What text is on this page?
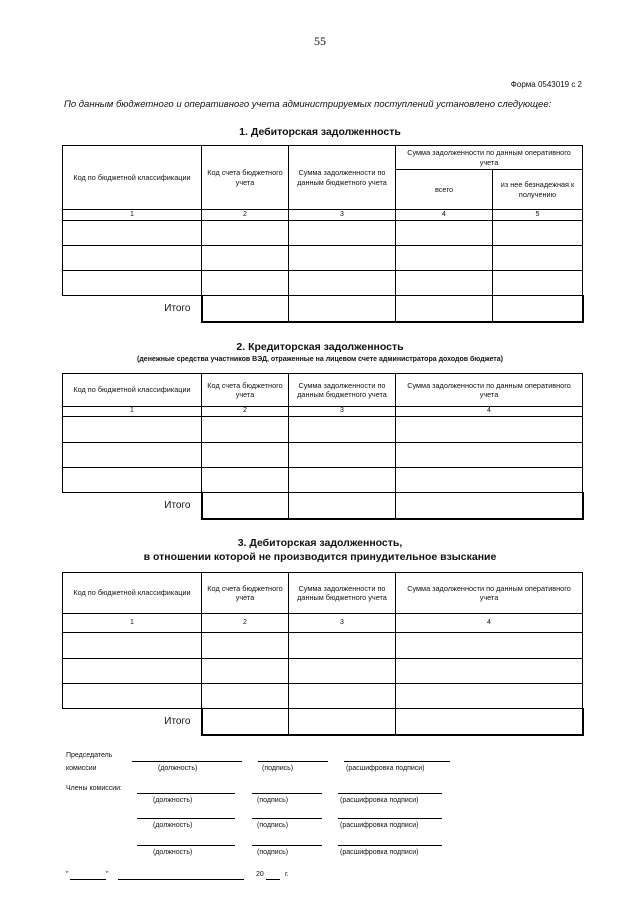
55
Форма 0543019 с 2
По данным бюджетного и оперативного учета администрируемых поступлений установлено следующее:
1. Дебиторская задолженность
Код по бюджетной классификации	Код счета бюджетного учета	Сумма задолженности по данным бюджетного учета	Сумма задолженности по данным оперативного учета	
			всего	из нее безнадежная к получению
1	2	3	4	5

Итого				
2. Кредиторская задолженность
(денежные средства участников ВЭД, отраженные на лицевом счете администратора доходов бюджета)
Код по бюджетной классификации	Код счета бюджетного учета	Сумма задолженности по данным бюджетного учета	Сумма задолженности по данным оперативного учета
1	2	3	4

Итого			
3. Дебиторская задолженность,
в отношении которой не производится принудительное взыскание
Код по бюджетной классификации	Код счета бюджетного учета	Сумма задолженности по данным бюджетного учета	Сумма задолженности по данным оперативного учета
1	2	3	4

Итого			
Председатель
комиссии	(должность)	(подпись)	(расшифровка подписи)
Члены комиссии:
(должность)	(подпись)	(расшифровка подписи)
(должность)	(подпись)	(расшифровка подписи)
(должность)	(подпись)	(расшифровка подписи)
"	"	20	г.
